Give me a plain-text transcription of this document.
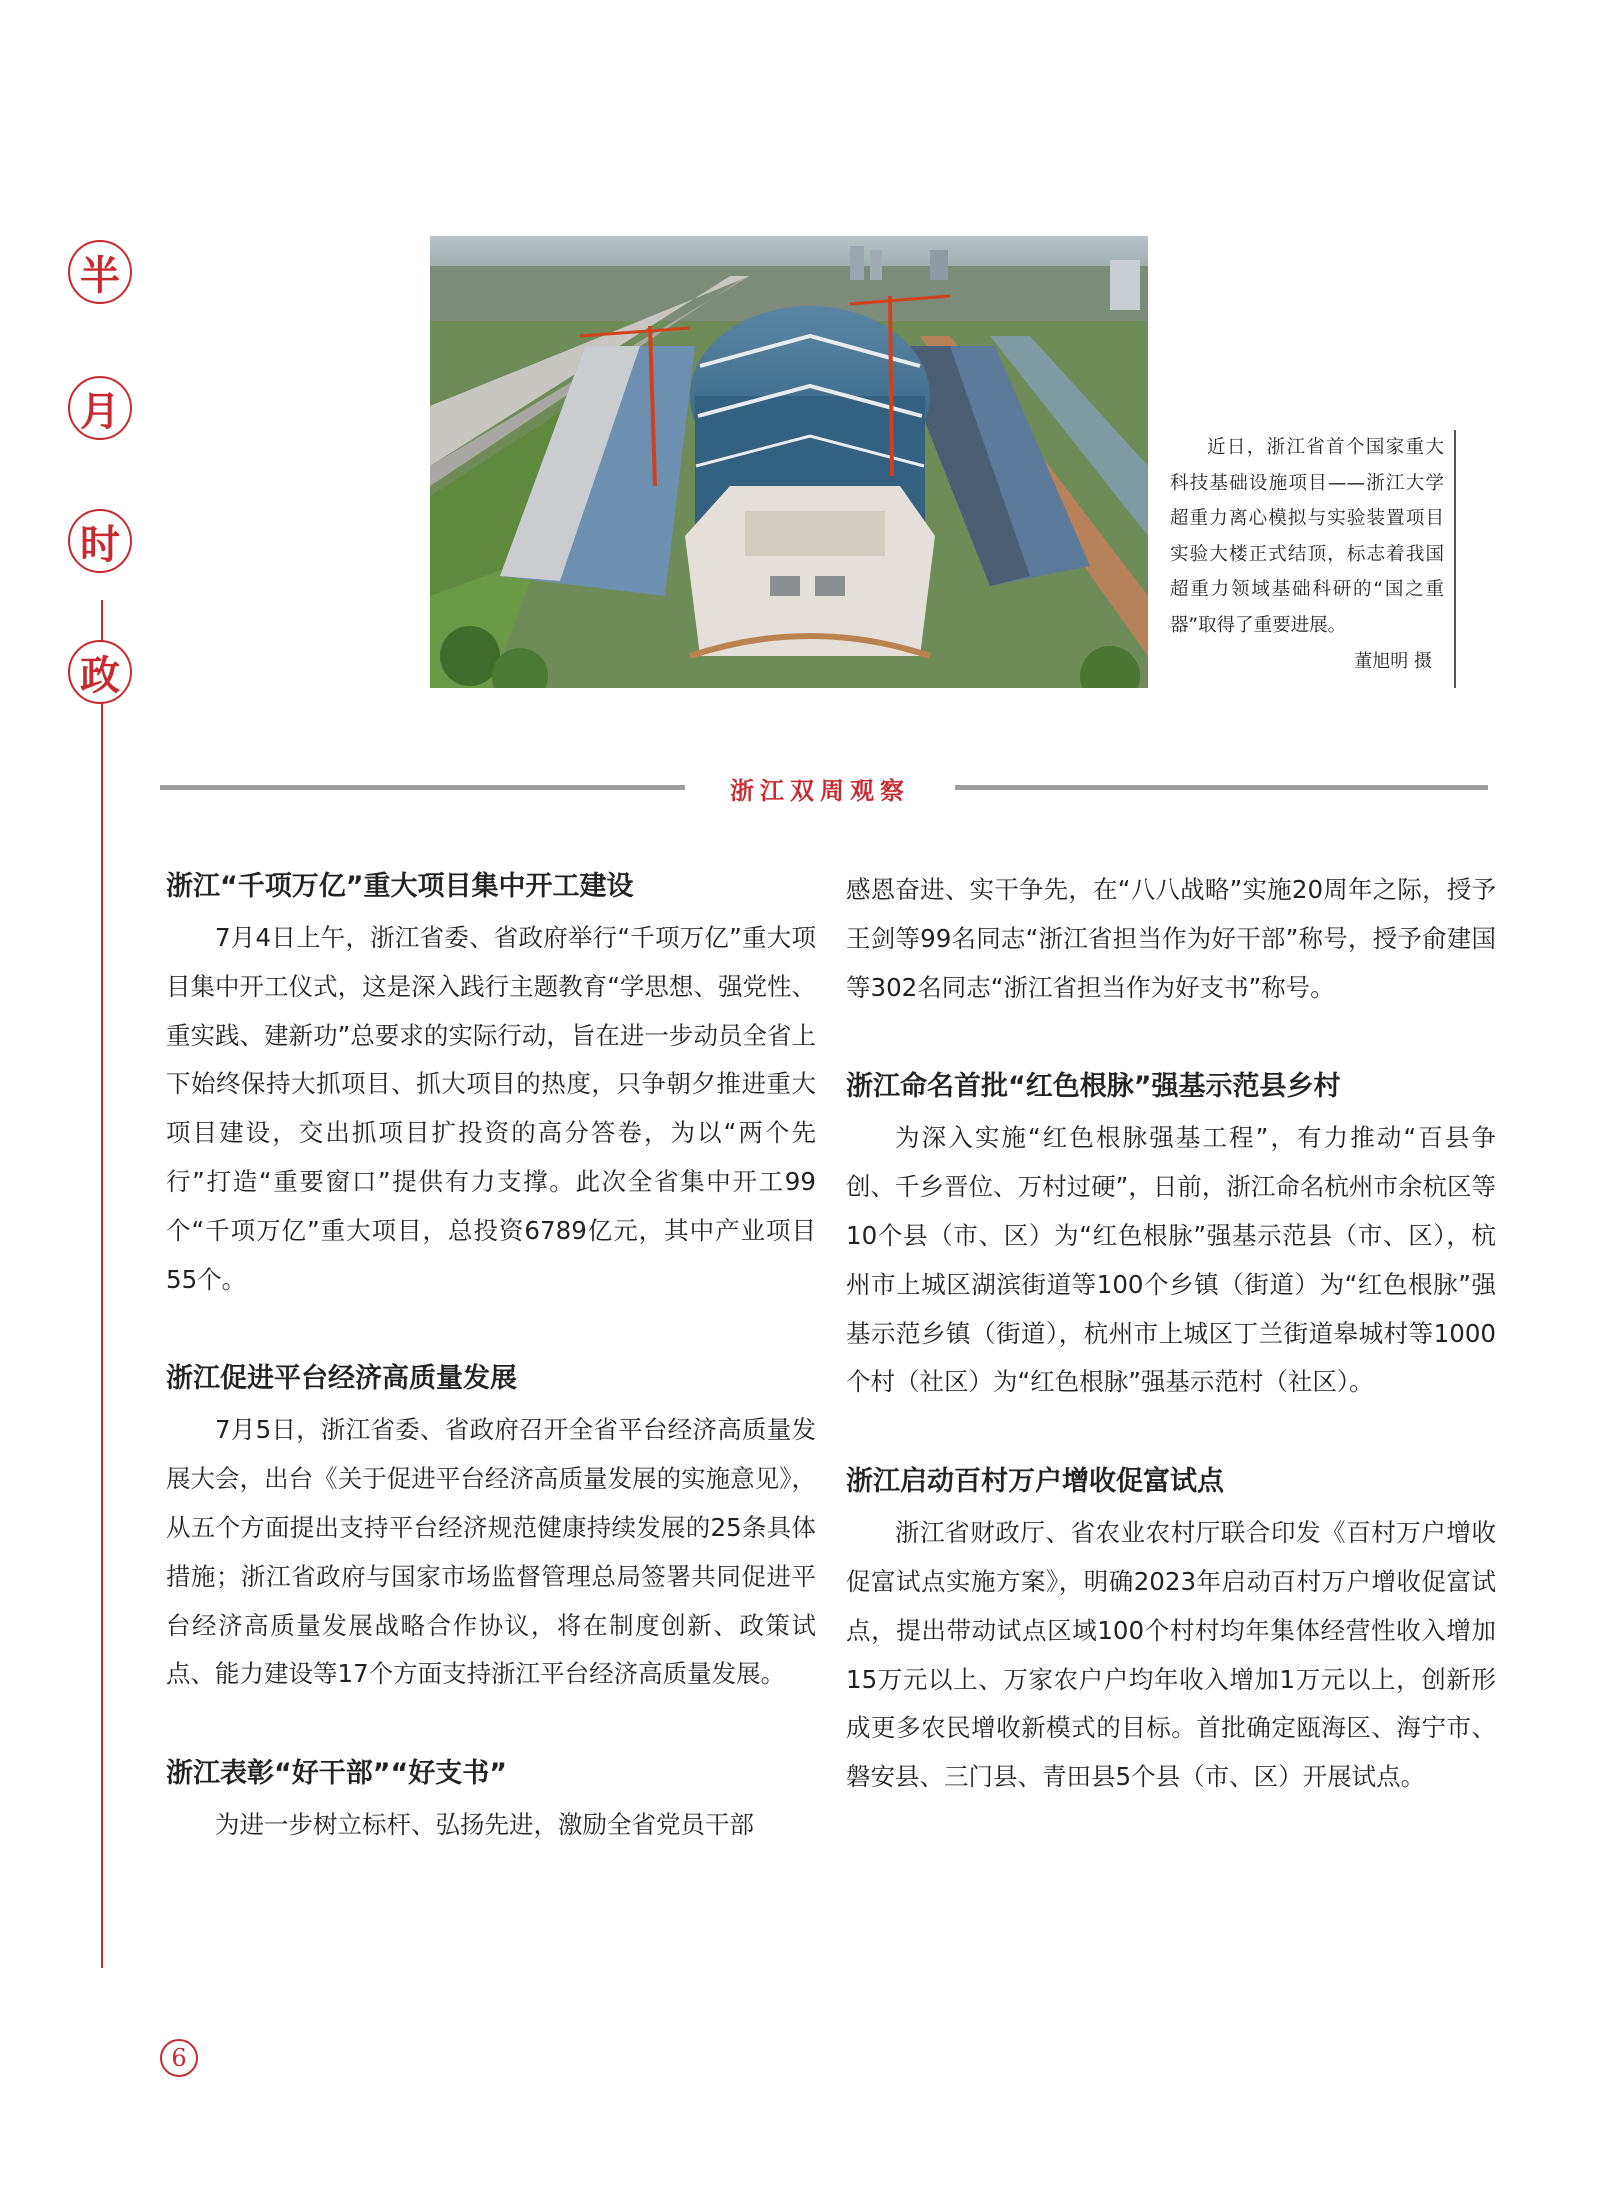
半
月
时
政
近日，浙江省首个国家重大科技基础设施项目——浙江大学超重力离心模拟与实验装置项目实验大楼正式结顶，标志着我国超重力领域基础科研的“国之重器”取得了重要进展。
董旭明 摄
浙江双周观察
浙江“千项万亿”重大项目集中开工建设

7月4日上午，浙江省委、省政府举行“千项万亿”重大项目集中开工仪式，这是深入践行主题教育“学思想、强党性、重实践、建新功”总要求的实际行动，旨在进一步动员全省上下始终保持大抓项目、抓大项目的热度，只争朝夕推进重大项目建设，交出抓项目扩投资的高分答卷，为以“两个先行”打造“重要窗口”提供有力支撑。此次全省集中开工99个“千项万亿”重大项目，总投资6789亿元，其中产业项目55个。

浙江促进平台经济高质量发展

7月5日，浙江省委、省政府召开全省平台经济高质量发展大会，出台《关于促进平台经济高质量发展的实施意见》，从五个方面提出支持平台经济规范健康持续发展的25条具体措施；浙江省政府与国家市场监督管理总局签署共同促进平台经济高质量发展战略合作协议，将在制度创新、政策试点、能力建设等17个方面支持浙江平台经济高质量发展。

浙江表彰“好干部”“好支书”

为进一步树立标杆、弘扬先进，激励全省党员干部

感恩奋进、实干争先，在“八八战略”实施20周年之际，授予王剑等99名同志“浙江省担当作为好干部”称号，授予俞建国等302名同志“浙江省担当作为好支书”称号。

浙江命名首批“红色根脉”强基示范县乡村

为深入实施“红色根脉强基工程”，有力推动“百县争创、千乡晋位、万村过硬”，日前，浙江命名杭州市余杭区等10个县（市、区）为“红色根脉”强基示范县（市、区），杭州市上城区湖滨街道等100个乡镇（街道）为“红色根脉”强基示范乡镇（街道），杭州市上城区丁兰街道皋城村等1000个村（社区）为“红色根脉”强基示范村（社区）。

浙江启动百村万户增收促富试点

浙江省财政厅、省农业农村厅联合印发《百村万户增收促富试点实施方案》，明确2023年启动百村万户增收促富试点，提出带动试点区域100个村村均年集体经营性收入增加15万元以上、万家农户户均年收入增加1万元以上，创新形成更多农民增收新模式的目标。首批确定瓯海区、海宁市、磐安县、三门县、青田县5个县（市、区）开展试点。

6
